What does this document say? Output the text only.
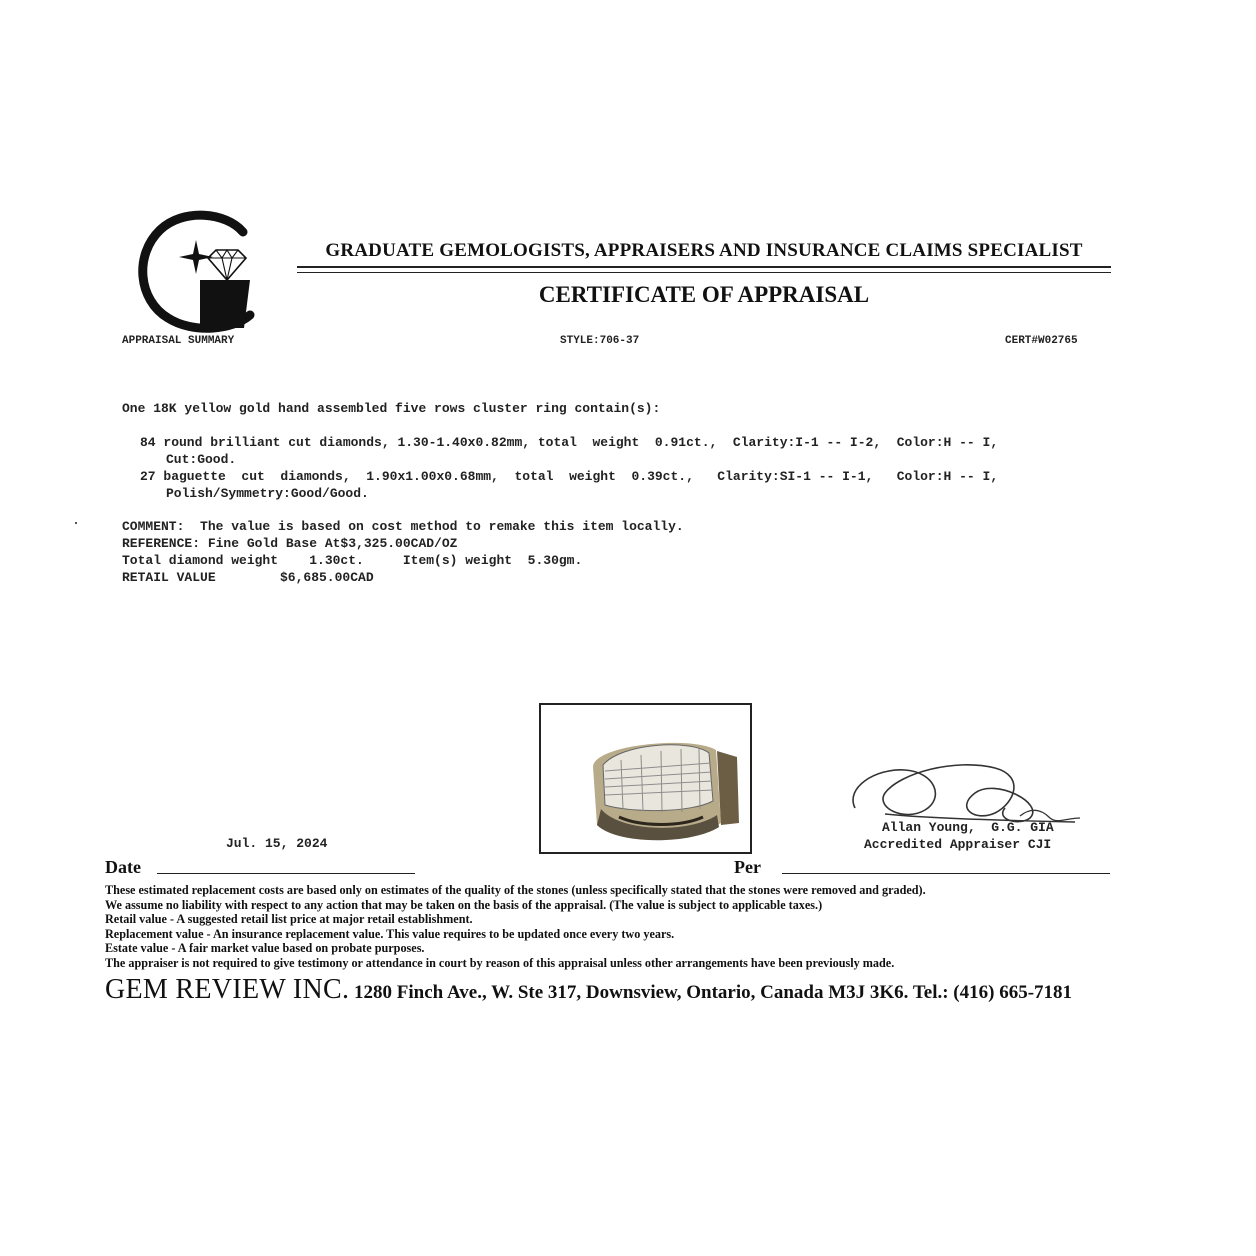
GRADUATE GEMOLOGISTS, APPRAISERS AND INSURANCE CLAIMS SPECIALIST
CERTIFICATE OF APPRAISAL
APPRAISAL SUMMARY	STYLE:706-37	CERT#W02765
One 18K yellow gold hand assembled five rows cluster ring contain(s):
84 round brilliant cut diamonds, 1.30-1.40x0.82mm, total  weight  0.91ct.,  Clarity:I-1 -- I-2,  Color:H -- I,
Cut:Good.
27 baguette  cut  diamonds,  1.90x1.00x0.68mm,  total  weight  0.39ct.,   Clarity:SI-1 -- I-1,   Color:H -- I,
Polish/Symmetry:Good/Good.
COMMENT:  The value is based on cost method to remake this item locally.
REFERENCE: Fine Gold Base At$3,325.00CAD/OZ
Total diamond weight    1.30ct.     Item(s) weight  5.30gm.
RETAIL VALUE	$6,685.00CAD
Jul. 15, 2024
Date	Per
Allan Young,  G.G. GIA
Accredited Appraiser CJI
These estimated replacement costs are based only on estimates of the quality of the stones (unless specifically stated that the stones were removed and graded).
We assume no liability with respect to any action that may be taken on the basis of the appraisal. (The value is subject to applicable taxes.)
Retail value - A suggested retail list price at major retail establishment.
Replacement value - An insurance replacement value. This value requires to be updated once every two years.
Estate value - A fair market value based on probate purposes.
The appraiser is not required to give testimony or attendance in court by reason of this appraisal unless other arrangements have been previously made.
GEM REVIEW INC. 1280 Finch Ave., W. Ste 317, Downsview, Ontario, Canada M3J 3K6. Tel.: (416) 665-7181
